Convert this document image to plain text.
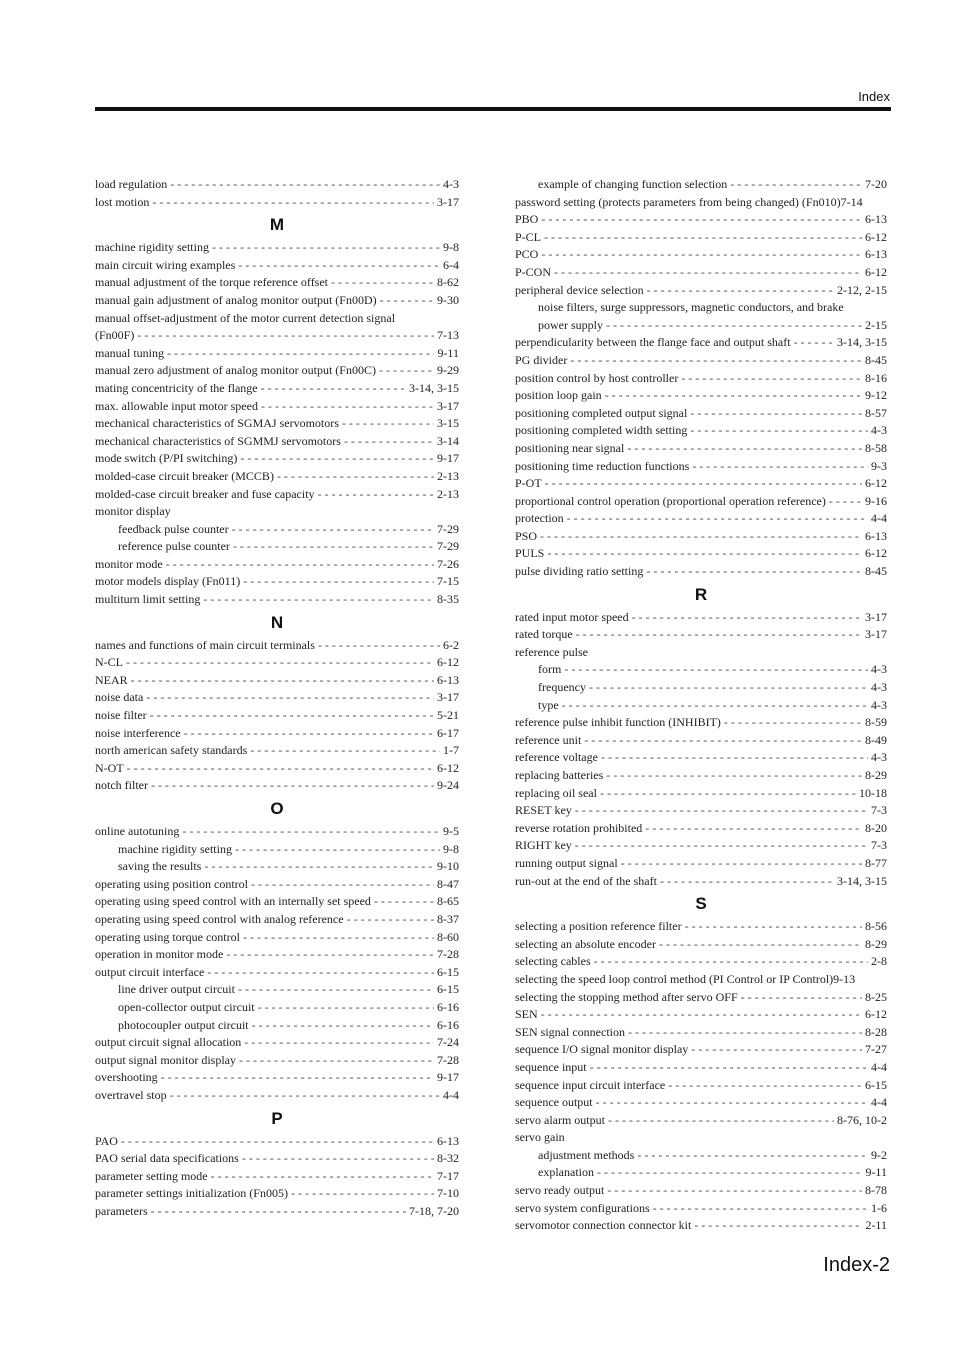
Index
load regulation - - -	4-3
lost motion - - -	3-17
M
machine rigidity setting - - -	9-8
main circuit wiring examples - - -	6-4
manual adjustment of the torque reference offset - - -	8-62
manual gain adjustment of analog monitor output (Fn00D) - - -	9-30
manual offset-adjustment of the motor current detection signal
(Fn00F) - - -	7-13
manual tuning - - -	9-11
manual zero adjustment of analog monitor output (Fn00C) - - -	9-29
mating concentricity of the flange - - -	3-14, 3-15
max. allowable input motor speed - - -	3-17
mechanical characteristics of SGMAJ servomotors - - -	3-15
mechanical characteristics of SGMMJ servomotors - - -	3-14
mode switch (P/PI switching) - - -	9-17
molded-case circuit breaker (MCCB) - - -	2-13
molded-case circuit breaker and fuse capacity - - -	2-13
monitor display
feedback pulse counter - - -	7-29
reference pulse counter - - -	7-29
monitor mode - - -	7-26
motor models display (Fn011) - - -	7-15
multiturn limit setting - - -	8-35
N
names and functions of main circuit terminals - - -	6-2
N-CL - - -	6-12
NEAR - - -	6-13
noise data - - -	3-17
noise filter - - -	5-21
noise interference - - -	6-17
north american safety standards - - -	1-7
N-OT - - -	6-12
notch filter - - -	9-24
O
online autotuning - - -	9-5
machine rigidity setting - - -	9-8
saving the results - - -	9-10
operating using position control - - -	8-47
operating using speed control with an internally set speed - - -	8-65
operating using speed control with analog reference - - -	8-37
operating using torque control - - -	8-60
operation in monitor mode - - -	7-28
output circuit interface - - -	6-15
line driver output circuit - - -	6-15
open-collector output circuit - - -	6-16
photocoupler output circuit - - -	6-16
output circuit signal allocation - - -	7-24
output signal monitor display - - -	7-28
overshooting - - -	9-17
overtravel stop - - -	4-4
P
PAO - - -	6-13
PAO serial data specifications - - -	8-32
parameter setting mode - - -	7-17
parameter settings initialization (Fn005) - - -	7-10
parameters - - -	7-18, 7-20
example of changing function selection - - -	7-20
password setting (protects parameters from being changed) (Fn010)7-14
PBO - - -	6-13
P-CL - - -	6-12
PCO - - -	6-13
P-CON - - -	6-12
peripheral device selection - - -	2-12, 2-15
noise filters, surge suppressors, magnetic conductors, and brake
power supply - - -	2-15
perpendicularity between the flange face and output shaft - - -	3-14, 3-15
PG divider - - -	8-45
position control by host controller - - -	8-16
position loop gain - - -	9-12
positioning completed output signal - - -	8-57
positioning completed width setting - - -	4-3
positioning near signal - - -	8-58
positioning time reduction functions - - -	9-3
P-OT - - -	6-12
proportional control operation (proportional operation reference) - - -	9-16
protection - - -	4-4
PSO - - -	6-13
PULS - - -	6-12
pulse dividing ratio setting - - -	8-45
R
rated input motor speed - - -	3-17
rated torque - - -	3-17
reference pulse
form - - -	4-3
frequency - - -	4-3
type - - -	4-3
reference pulse inhibit function (INHIBIT) - - -	8-59
reference unit - - -	8-49
reference voltage - - -	4-3
replacing batteries - - -	8-29
replacing oil seal - - -	10-18
RESET key - - -	7-3
reverse rotation prohibited - - -	8-20
RIGHT key - - -	7-3
running output signal - - -	8-77
run-out at the end of the shaft - - -	3-14, 3-15
S
selecting a position reference filter - - -	8-56
selecting an absolute encoder - - -	8-29
selecting cables - - -	2-8
selecting the speed loop control method (PI Control or IP Control)9-13
selecting the stopping method after servo OFF - - -	8-25
SEN - - -	6-12
SEN signal connection - - -	8-28
sequence I/O signal monitor display - - -	7-27
sequence input - - -	4-4
sequence input circuit interface - - -	6-15
sequence output - - -	4-4
servo alarm output - - -	8-76, 10-2
servo gain
adjustment methods - - -	9-2
explanation - - -	9-11
servo ready output - - -	8-78
servo system configurations - - -	1-6
servomotor connection connector kit - - -	2-11
Index-2
